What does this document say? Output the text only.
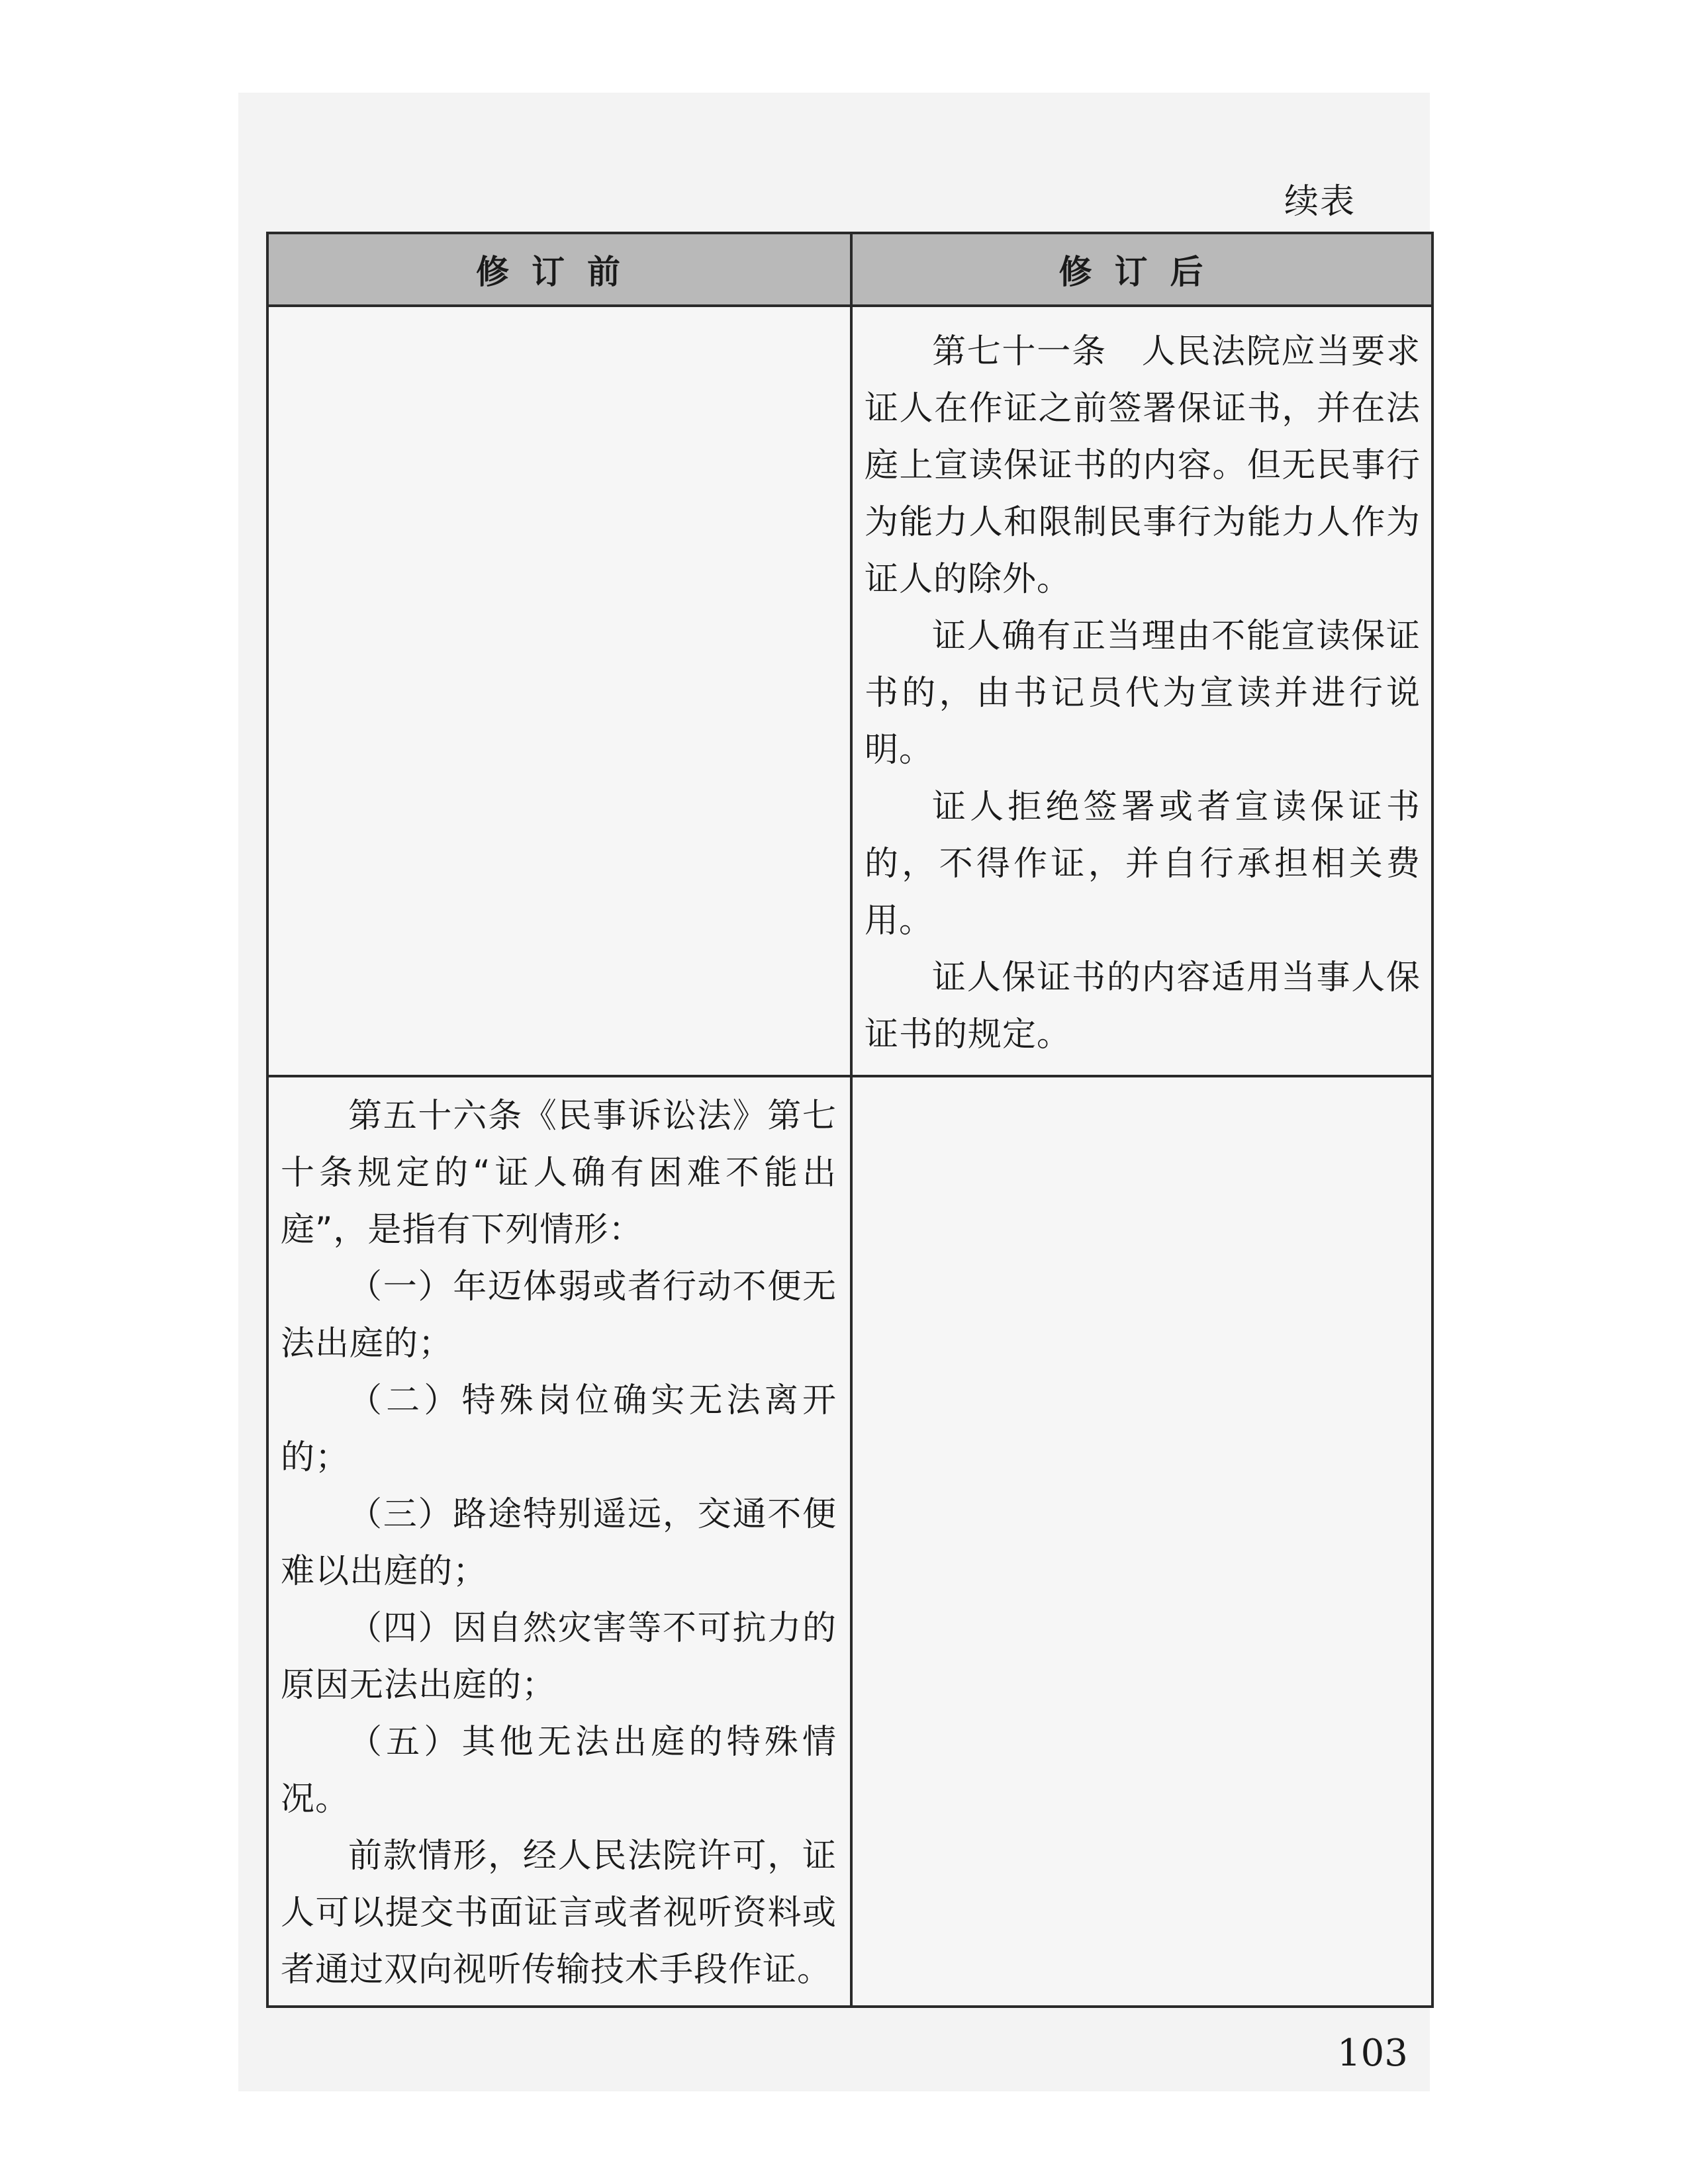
续表
修订前	修订后

第七十一条　人民法院应当要求证人在作证之前签署保证书，并在法庭上宣读保证书的内容。但无民事行为能力人和限制民事行为能力人作为证人的除外。

证人确有正当理由不能宣读保证书的，由书记员代为宣读并进行说明。

证人拒绝签署或者宣读保证书的，不得作证，并自行承担相关费用。

证人保证书的内容适用当事人保证书的规定。

第五十六条《民事诉讼法》第七十条规定的“证人确有困难不能出庭”，是指有下列情形：

（一）年迈体弱或者行动不便无法出庭的；

（二）特殊岗位确实无法离开的；

（三）路途特别遥远，交通不便难以出庭的；

（四）因自然灾害等不可抗力的原因无法出庭的；

（五）其他无法出庭的特殊情况。

前款情形，经人民法院许可，证人可以提交书面证言或者视听资料或者通过双向视听传输技术手段作证。

103
